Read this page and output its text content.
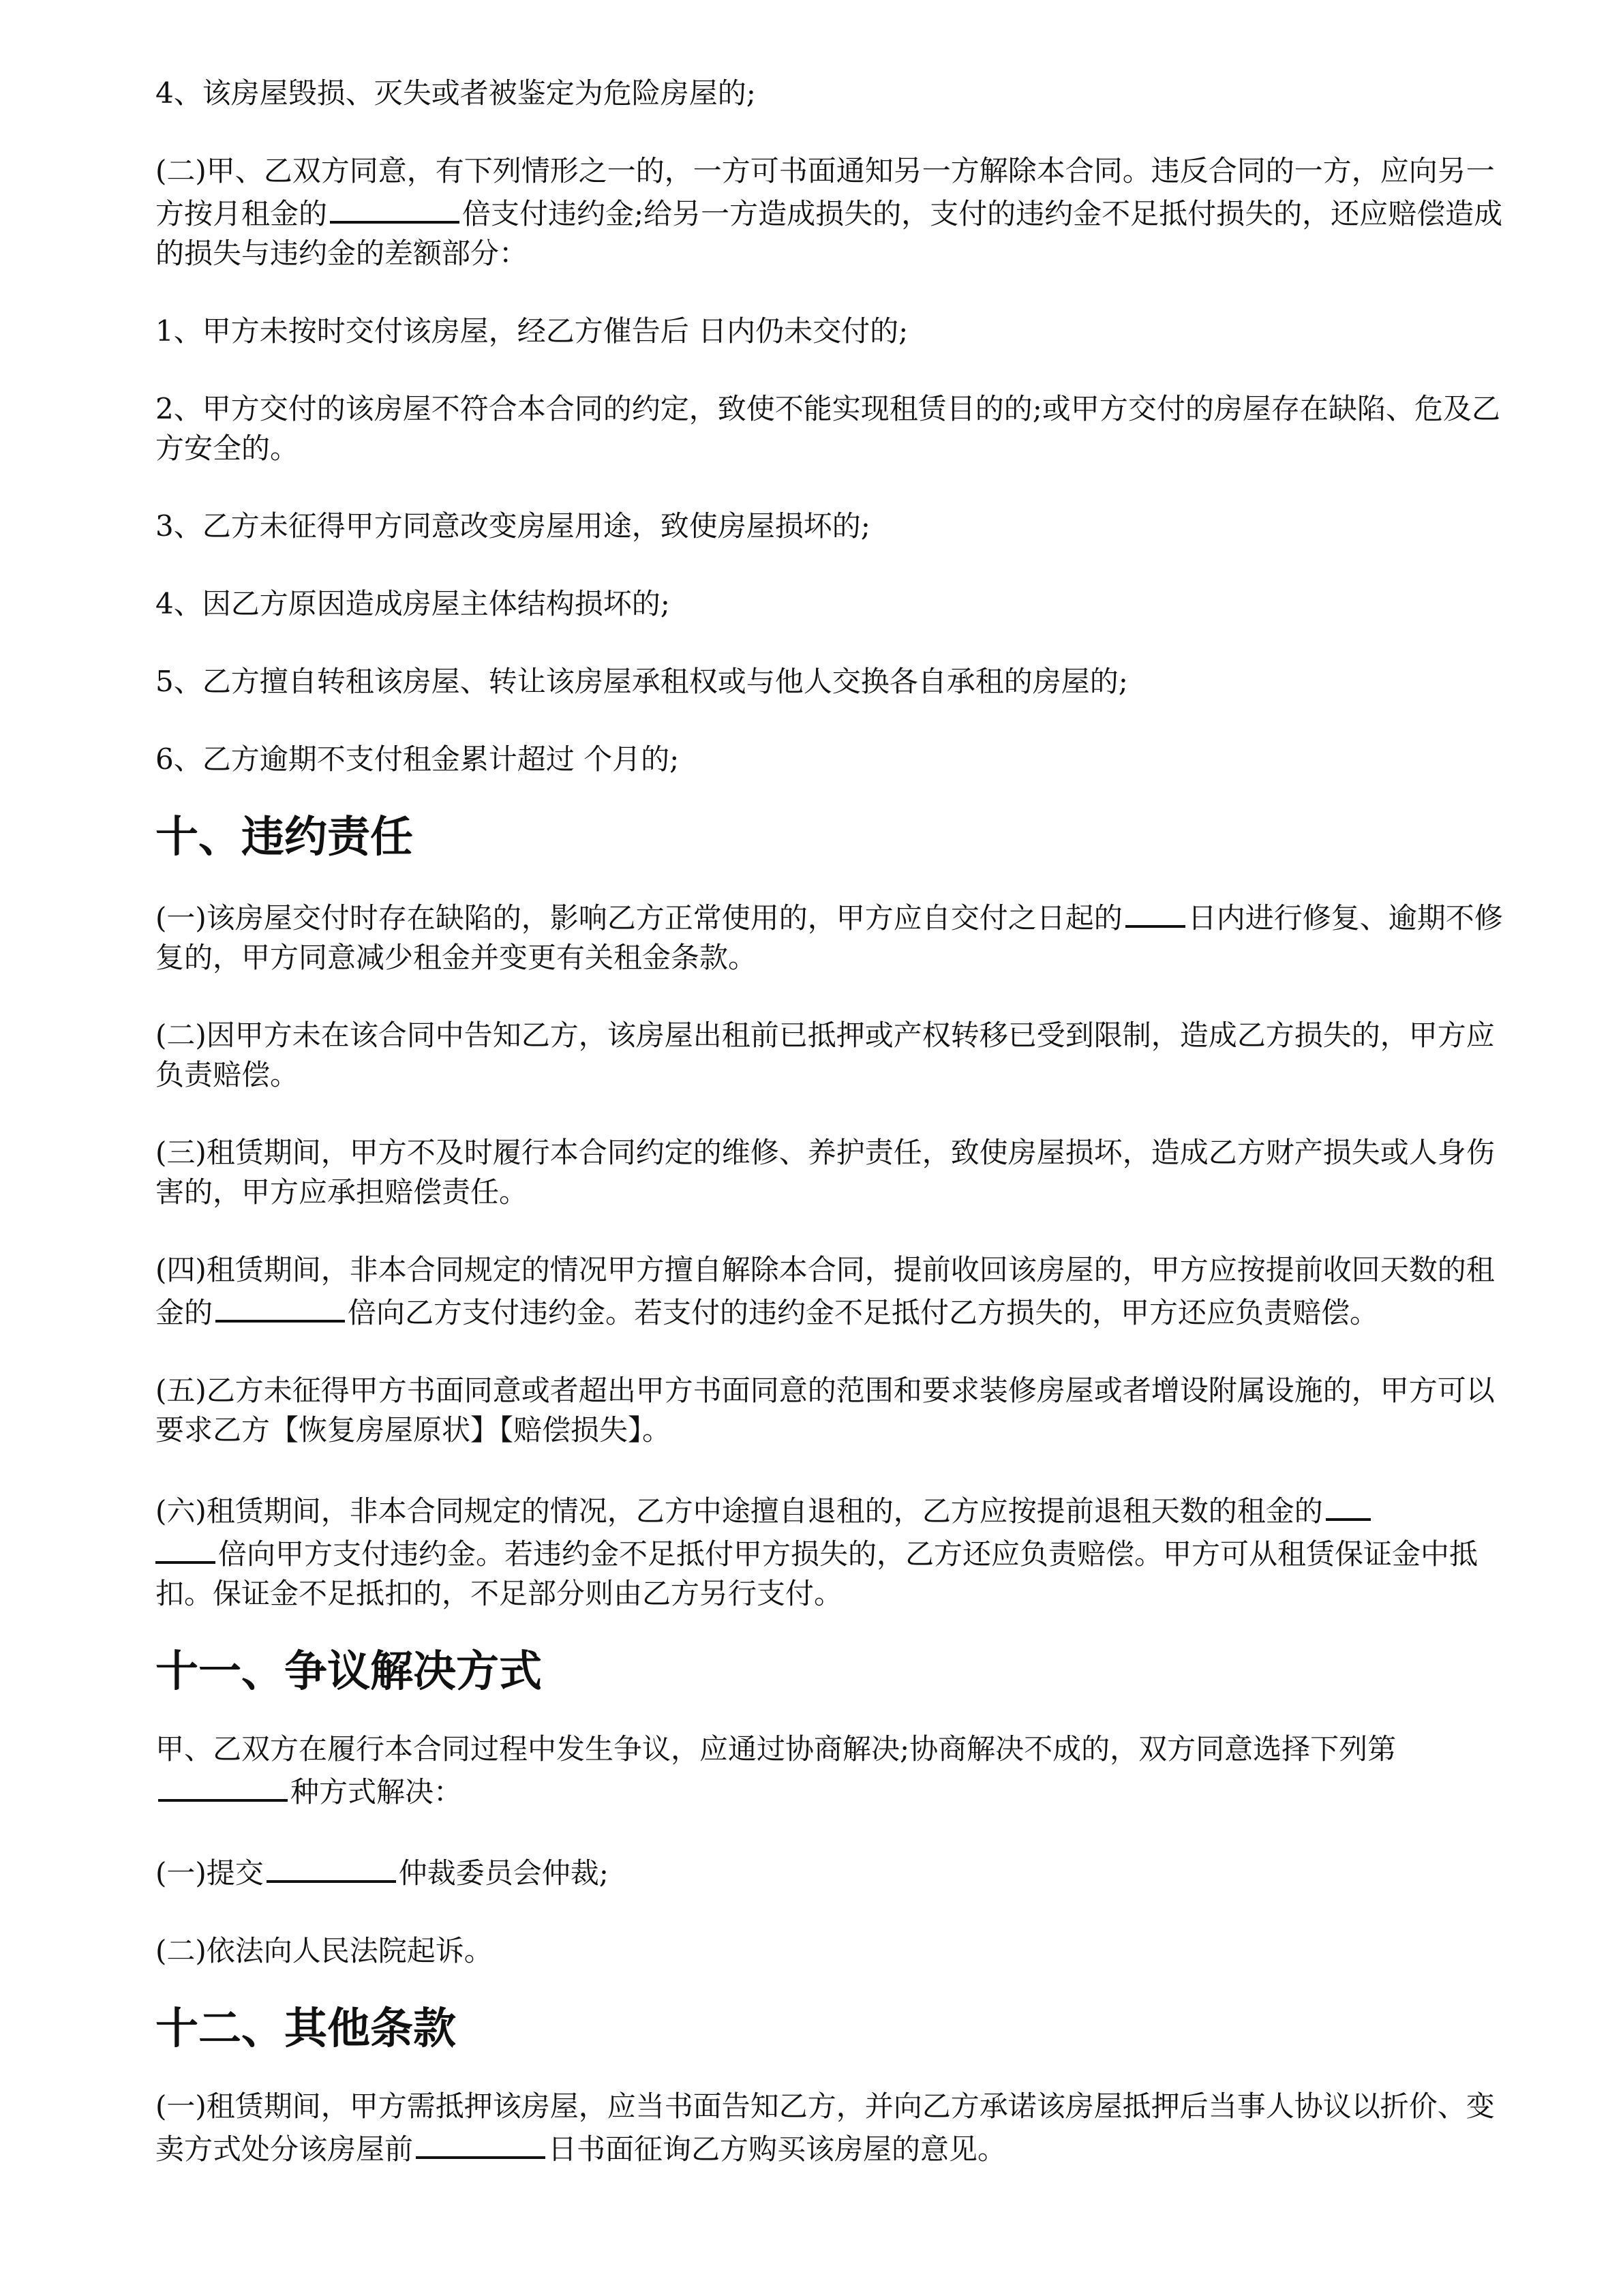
4、该房屋毁损、灭失或者被鉴定为危险房屋的;

(二)甲、乙双方同意，有下列情形之一的，一方可书面通知另一方解除本合同。违反合同的一方，应向另一方按月租金的	倍支付违约金;给另一方造成损失的，支付的违约金不足抵付损失的，还应赔偿造成的损失与违约金的差额部分：

1、甲方未按时交付该房屋，经乙方催告后 日内仍未交付的;

2、甲方交付的该房屋不符合本合同的约定，致使不能实现租赁目的的;或甲方交付的房屋存在缺陷、危及乙方安全的。

3、乙方未征得甲方同意改变房屋用途，致使房屋损坏的;

4、因乙方原因造成房屋主体结构损坏的;

5、乙方擅自转租该房屋、转让该房屋承租权或与他人交换各自承租的房屋的;

6、乙方逾期不支付租金累计超过 个月的;

十、违约责任

(一)该房屋交付时存在缺陷的，影响乙方正常使用的，甲方应自交付之日起的 日内进行修复、逾期不修复的，甲方同意减少租金并变更有关租金条款。

(二)因甲方未在该合同中告知乙方，该房屋出租前已抵押或产权转移已受到限制，造成乙方损失的，甲方应负责赔偿。

(三)租赁期间，甲方不及时履行本合同约定的维修、养护责任，致使房屋损坏，造成乙方财产损失或人身伤害的，甲方应承担赔偿责任。

(四)租赁期间，非本合同规定的情况甲方擅自解除本合同，提前收回该房屋的，甲方应按提前收回天数的租金的	倍向乙方支付违约金。若支付的违约金不足抵付乙方损失的，甲方还应负责赔偿。

(五)乙方未征得甲方书面同意或者超出甲方书面同意的范围和要求装修房屋或者增设附属设施的，甲方可以要求乙方【恢复房屋原状】【赔偿损失】。

(六)租赁期间，非本合同规定的情况，乙方中途擅自退租的，乙方应按提前退租天数的租金的
倍向甲方支付违约金。若违约金不足抵付甲方损失的，乙方还应负责赔偿。甲方可从租赁保证金中抵扣。保证金不足抵扣的，不足部分则由乙方另行支付。

十一、争议解决方式

甲、乙双方在履行本合同过程中发生争议，应通过协商解决;协商解决不成的，双方同意选择下列第种方式解决：

(一)提交	仲裁委员会仲裁;

(二)依法向人民法院起诉。

十二、其他条款

(一)租赁期间，甲方需抵押该房屋，应当书面告知乙方，并向乙方承诺该房屋抵押后当事人协议以折价、变卖方式处分该房屋前	日书面征询乙方购买该房屋的意见。
